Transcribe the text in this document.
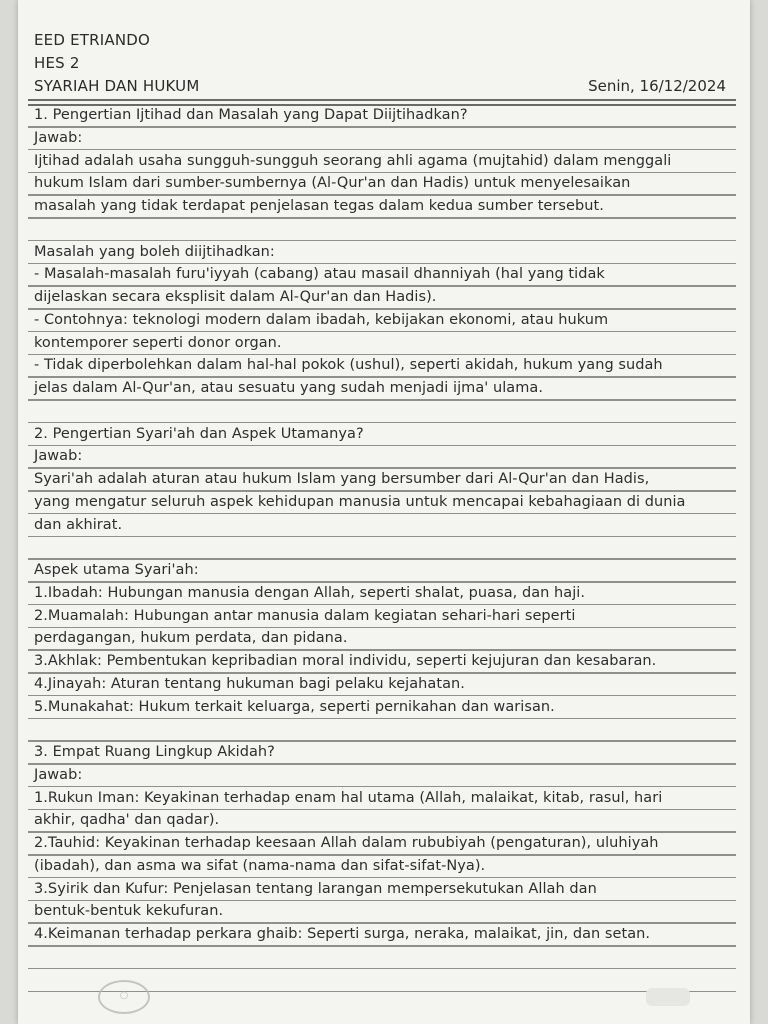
EED ETRIANDO
HES 2
SYARIAH DAN HUKUM	Senin, 16/12/2024
1. Pengertian Ijtihad dan Masalah yang Dapat Diijtihadkan?
Jawab:
Ijtihad adalah usaha sungguh-sungguh seorang ahli agama (mujtahid) dalam menggali
hukum Islam dari sumber-sumbernya (Al-Qur'an dan Hadis) untuk menyelesaikan
masalah yang tidak terdapat penjelasan tegas dalam kedua sumber tersebut.
Masalah yang boleh diijtihadkan:
- Masalah-masalah furu'iyyah (cabang) atau masail dhanniyah (hal yang tidak
dijelaskan secara eksplisit dalam Al-Qur'an dan Hadis).
- Contohnya: teknologi modern dalam ibadah, kebijakan ekonomi, atau hukum
kontemporer seperti donor organ.
- Tidak diperbolehkan dalam hal-hal pokok (ushul), seperti akidah, hukum yang sudah
jelas dalam Al-Qur'an, atau sesuatu yang sudah menjadi ijma' ulama.
2. Pengertian Syari'ah dan Aspek Utamanya?
Jawab:
Syari'ah adalah aturan atau hukum Islam yang bersumber dari Al-Qur'an dan Hadis,
yang mengatur seluruh aspek kehidupan manusia untuk mencapai kebahagiaan di dunia
dan akhirat.
Aspek utama Syari'ah:
1.Ibadah: Hubungan manusia dengan Allah, seperti shalat, puasa, dan haji.
2.Muamalah: Hubungan antar manusia dalam kegiatan sehari-hari seperti
perdagangan, hukum perdata, dan pidana.
3.Akhlak: Pembentukan kepribadian moral individu, seperti kejujuran dan kesabaran.
4.Jinayah: Aturan tentang hukuman bagi pelaku kejahatan.
5.Munakahat: Hukum terkait keluarga, seperti pernikahan dan warisan.
3. Empat Ruang Lingkup Akidah?
Jawab:
1.Rukun Iman: Keyakinan terhadap enam hal utama (Allah, malaikat, kitab, rasul, hari
akhir, qadha' dan qadar).
2.Tauhid: Keyakinan terhadap keesaan Allah dalam rububiyah (pengaturan), uluhiyah
(ibadah), dan asma wa sifat (nama-nama dan sifat-sifat-Nya).
3.Syirik dan Kufur: Penjelasan tentang larangan mempersekutukan Allah dan
bentuk-bentuk kekufuran.
4.Keimanan terhadap perkara ghaib: Seperti surga, neraka, malaikat, jin, dan setan.
○
